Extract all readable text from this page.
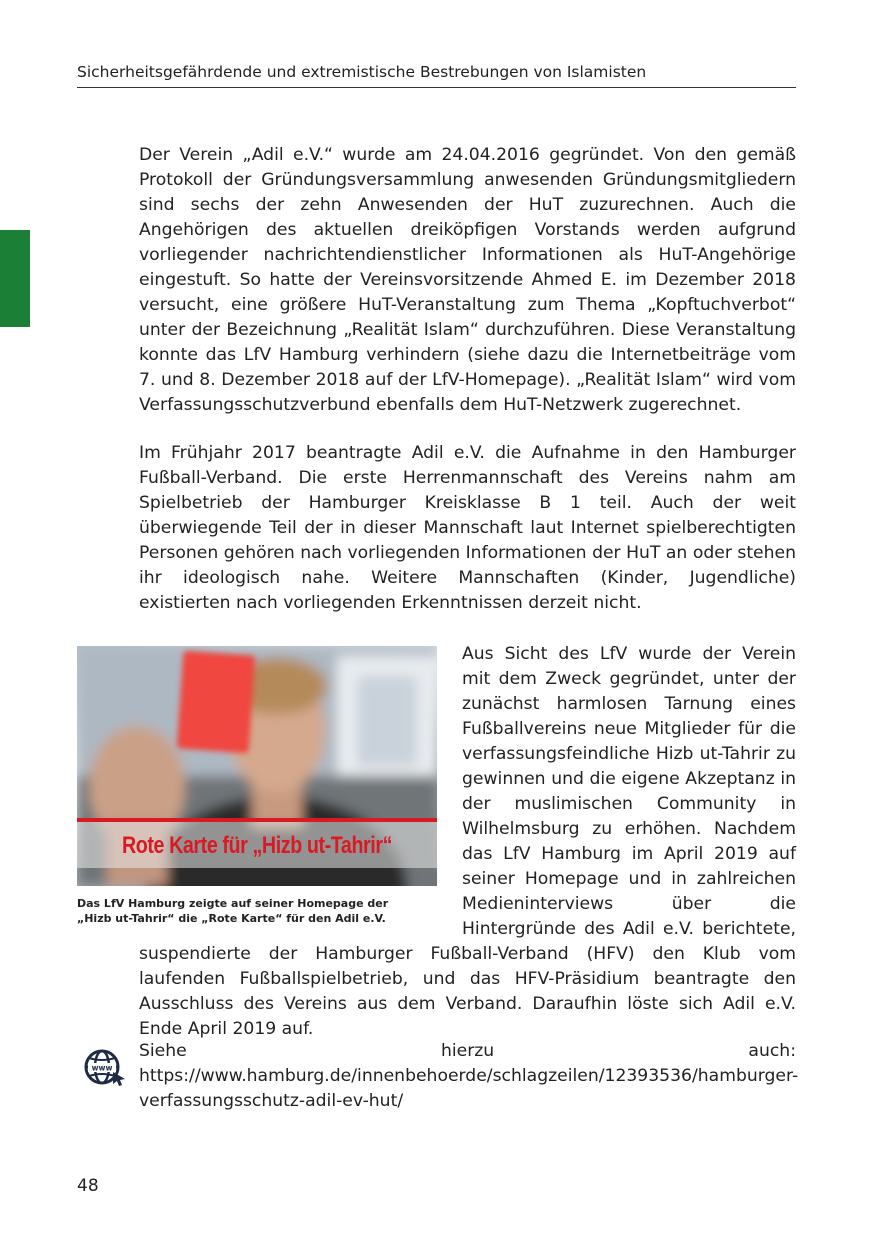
Sicherheitsgefährdende und extremistische Bestrebungen von Islamisten

Der Verein „Adil e.V.“ wurde am 24.04.2016 gegründet. Von den gemäß Protokoll der Gründungsversammlung anwesenden Gründungsmitgliedern sind sechs der zehn Anwesenden der HuT zuzurechnen. Auch die Angehörigen des aktuellen dreiköpfigen Vorstands werden aufgrund vorliegender nachrichtendienstlicher Informationen als HuT-Angehörige eingestuft. So hatte der Vereinsvorsitzende Ahmed E. im Dezember 2018 versucht, eine größere HuT-Veranstaltung zum Thema „Kopftuchverbot“ unter der Bezeichnung „Realität Islam“ durchzuführen. Diese Veranstaltung konnte das LfV Hamburg verhindern (siehe dazu die Internetbeiträge vom 7. und 8. Dezember 2018 auf der LfV-Homepage). „Realität Islam“ wird vom Verfassungsschutzverbund ebenfalls dem HuT-Netzwerk zugerechnet.

Im Frühjahr 2017 beantragte Adil e.V. die Aufnahme in den Hamburger Fußball-Verband. Die erste Herrenmannschaft des Vereins nahm am Spielbetrieb der Hamburger Kreisklasse B 1 teil. Auch der weit überwiegende Teil der in dieser Mannschaft laut Internet spielberechtigten Personen gehören nach vorliegenden Informationen der HuT an oder stehen ihr ideologisch nahe. Weitere Mannschaften (Kinder, Jugendliche) existierten nach vorliegenden Erkenntnissen derzeit nicht.

Aus Sicht des LfV wurde der Verein mit dem Zweck gegründet, unter der zunächst harmlosen Tarnung eines Fußballvereins neue Mitglieder für die verfassungsfeindliche Hizb ut-Tahrir zu gewinnen und die eigene Akzeptanz in der muslimischen Community in Wilhelmsburg zu erhöhen. Nachdem das LfV Hamburg im April 2019 auf seiner Homepage und in zahlreichen Medieninterviews über die Hintergründe des Adil e.V. berichtete, suspendierte der Hamburger Fußball-Verband (HFV) den Klub vom laufenden Fußballspielbetrieb, und das HFV-Präsidium beantragte den Ausschluss des Vereins aus dem Verband. Daraufhin löste sich Adil e.V. Ende April 2019 auf.

Rote Karte für „Hizb ut-Tahrir“
Das LfV Hamburg zeigte auf seiner Homepage der „Hizb ut-Tahrir“ die „Rote Karte“ für den Adil e.V.
www

Siehe hierzu auch: https://www.hamburg.de/innenbehoerde/schlagzeilen/12393536/hamburger-verfassungsschutz-adil-ev-hut/

48
